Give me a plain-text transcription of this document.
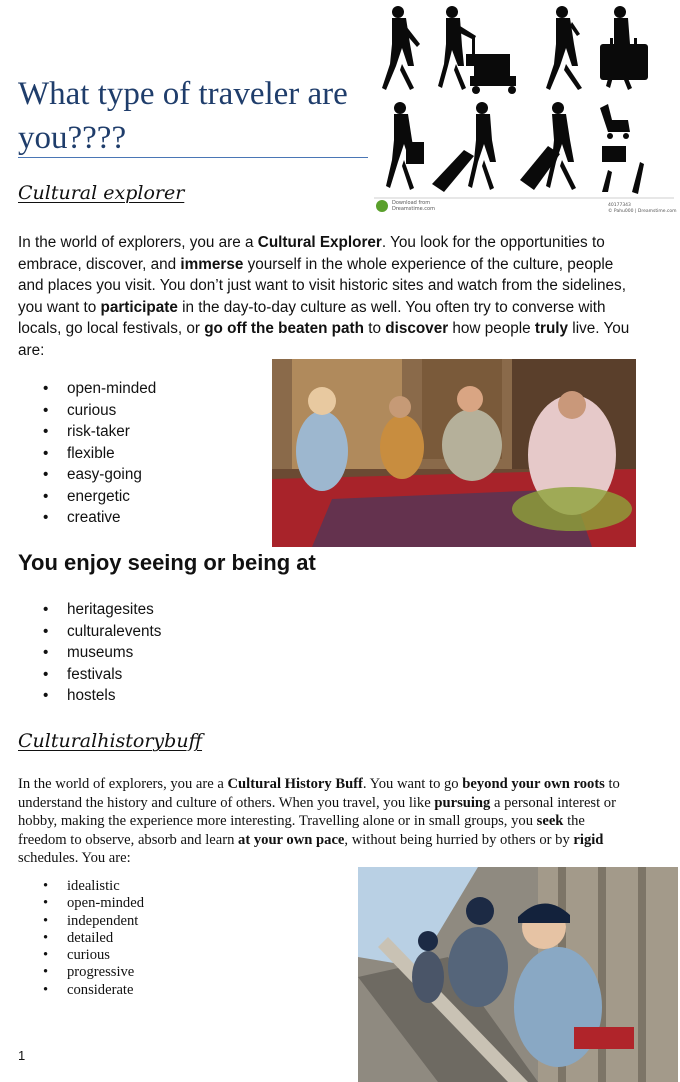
What type of traveler are you????
Download from
Dreamstime.com
40177343
© Pahu000 | Dreamstime.com
Cultural explorer

In the world of explorers, you are a Cultural Explorer. You look for the opportunities to embrace, discover, and immerse yourself in the whole experience of the culture, people and places you visit. You don’t just want to visit historic sites and watch from the sidelines, you want to participate in the day-to-day culture as well. You often try to converse with locals, go local festivals, or go off the beaten path to discover how people truly live. You are:

• open-minded
• curious
• risk-taker
• flexible
• easy-going
• energetic
• creative
You enjoy seeing or being at
• heritagesites
• culturalevents
• museums
• festivals
• hostels
Culturalhistorybuff

In the world of explorers, you are a Cultural History Buff. You want to go beyond your own roots to understand the history and culture of others. When you travel, you like pursuing a personal interest or hobby, making the experience more interesting. Travelling alone or in small groups, you seek the freedom to observe, absorb and learn at your own pace, without being hurried by others or by rigid schedules. You are:

• idealistic
• open-minded
• independent
• detailed
• curious
• progressive
• considerate
1
